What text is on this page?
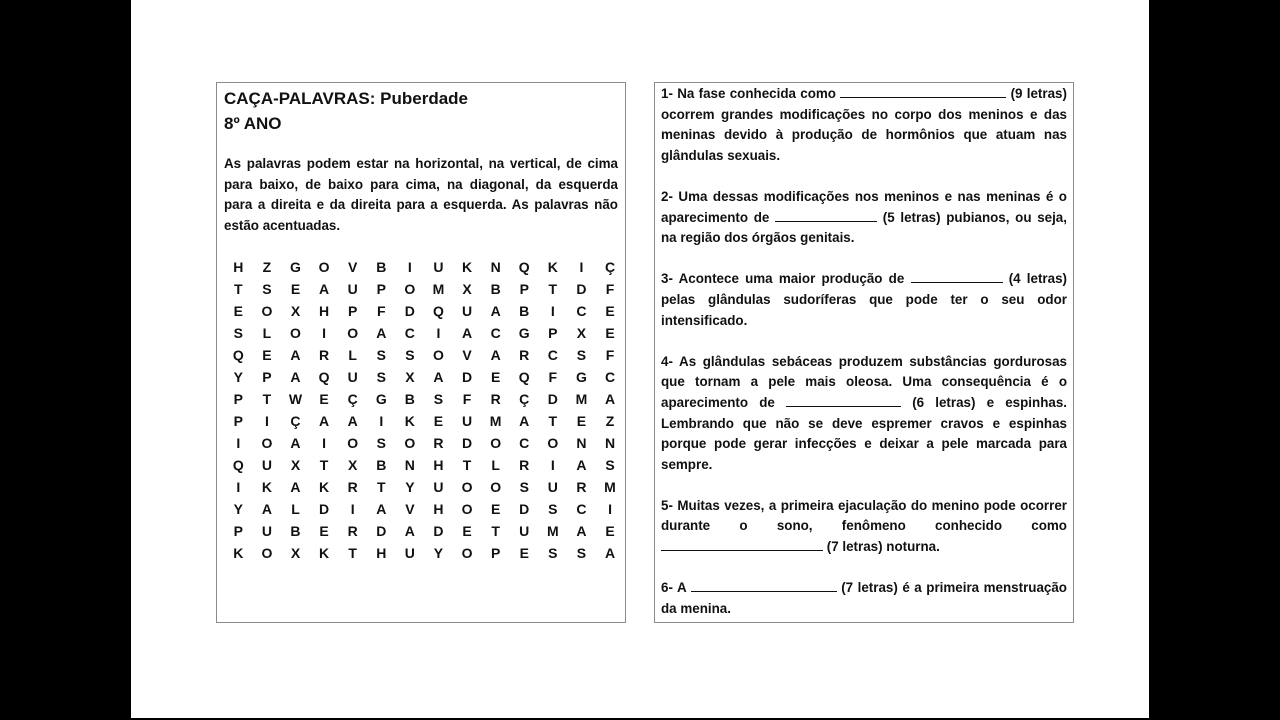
CAÇA-PALAVRAS: Puberdade
8º ANO
As palavras podem estar na horizontal, na vertical, de cima para baixo, de baixo para cima, na diagonal, da esquerda para a direita e da direita para a esquerda. As palavras não estão acentuadas.
H	Z	G	O	V	B	I	U	K	N	Q	K	I	Ç
T	S	E	A	U	P	O	M	X	B	P	T	D	F
E	O	X	H	P	F	D	Q	U	A	B	I	C	E
S	L	O	I	O	A	C	I	A	C	G	P	X	E
Q	E	A	R	L	S	S	O	V	A	R	C	S	F
Y	P	A	Q	U	S	X	A	D	E	Q	F	G	C
P	T	W	E	Ç	G	B	S	F	R	Ç	D	M	A
P	I	Ç	A	A	I	K	E	U	M	A	T	E	Z
I	O	A	I	O	S	O	R	D	O	C	O	N	N
Q	U	X	T	X	B	N	H	T	L	R	I	A	S
I	K	A	K	R	T	Y	U	O	O	S	U	R	M
Y	A	L	D	I	A	V	H	O	E	D	S	C	I
P	U	B	E	R	D	A	D	E	T	U	M	A	E
K	O	X	K	T	H	U	Y	O	P	E	S	S	A
1- Na fase conhecida como	(9 letras) ocorrem grandes modificações no corpo dos meninos e das meninas devido à produção de hormônios que atuam nas glândulas sexuais.
2- Uma dessas modificações nos meninos e nas meninas é o aparecimento de	(5 letras) pubianos, ou seja, na região dos órgãos genitais.
3- Acontece uma maior produção de	(4 letras) pelas glândulas sudoríferas que pode ter o seu odor intensificado.
4- As glândulas sebáceas produzem substâncias gordurosas que tornam a pele mais oleosa. Uma consequência é o aparecimento de	(6 letras) e espinhas. Lembrando que não se deve espremer cravos e espinhas porque pode gerar infecções e deixar a pele marcada para sempre.
5- Muitas vezes, a primeira ejaculação do menino pode ocorrer durante o sono, fenômeno conhecido como  (7 letras) noturna.
6- A	(7 letras) é a primeira menstruação da menina.
